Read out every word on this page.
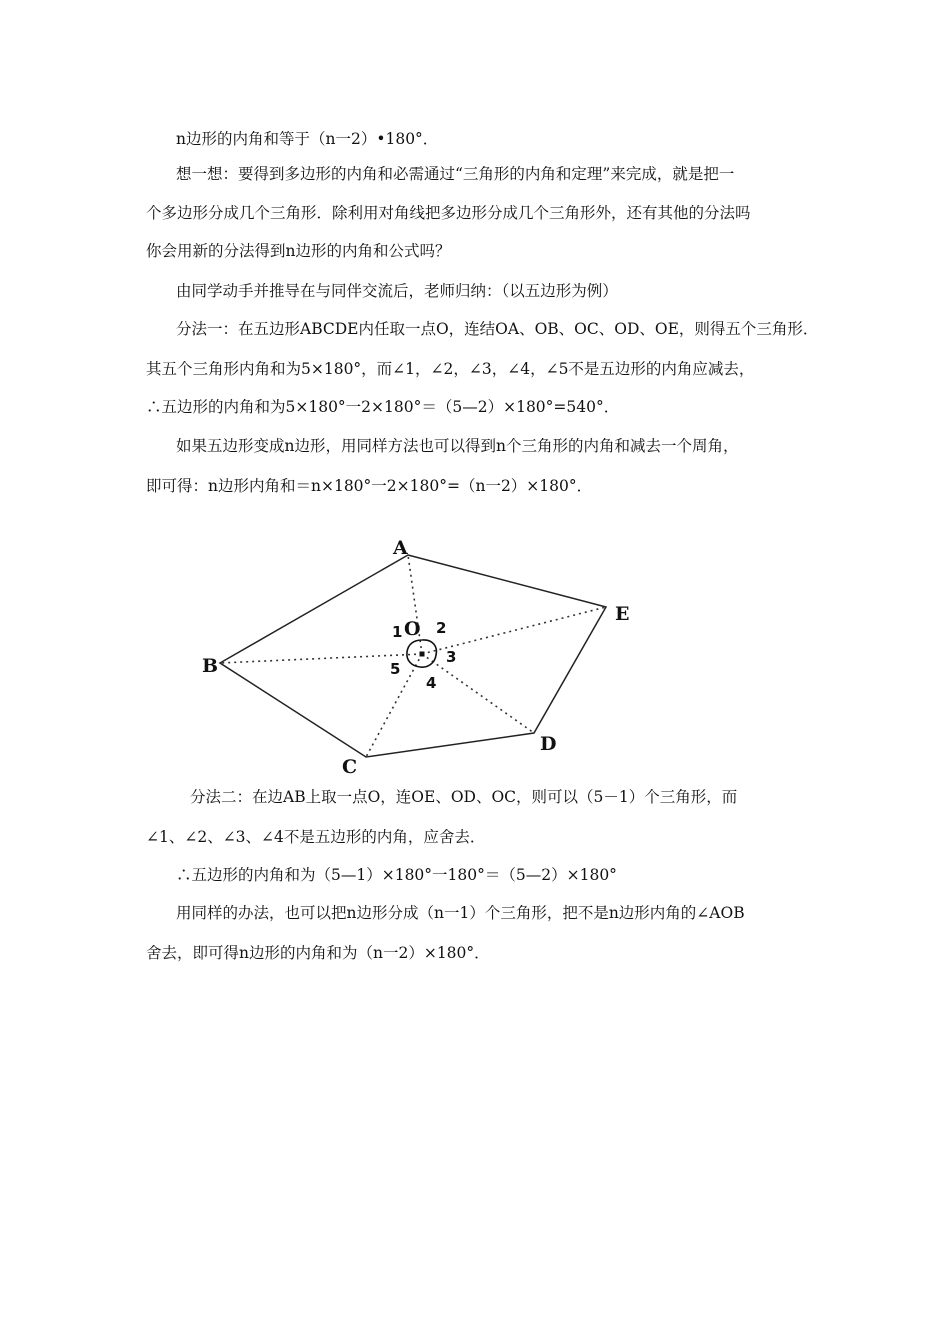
n边形的内角和等于（n一2）•180°．
想一想：要得到多边形的内角和必需通过“三角形的内角和定理”来完成，就是把一
个多边形分成几个三角形．除利用对角线把多边形分成几个三角形外，还有其他的分法吗
你会用新的分法得到n边形的内角和公式吗？
由同学动手并推导在与同伴交流后，老师归纳：（以五边形为例）
分法一：在五边形ABCDE内任取一点O，连结OA、OB、OC、OD、OE，则得五个三角形．
其五个三角形内角和为5×180°，而∠1，∠2，∠3，∠4，∠5不是五边形的内角应减去，
∴五边形的内角和为5×180°一2×180°＝（5—2）×180°=540°．
如果五边形变成n边形，用同样方法也可以得到n个三角形的内角和减去一个周角，
即可得：n边形内角和＝n×180°一2×180°=（n一2）×180°．
A
B
C
D
E
O
1 2
3
4
5
分法二：在边AB上取一点O，连OE、OD、OC，则可以（5－1）个三角形，而
∠1、∠2、∠3、∠4不是五边形的内角，应舍去．
∴五边形的内角和为（5—1）×180°一180°＝（5—2）×180°
用同样的办法，也可以把n边形分成（n一1）个三角形，把不是n边形内角的∠AOB
舍去，即可得n边形的内角和为（n一2）×180°．
